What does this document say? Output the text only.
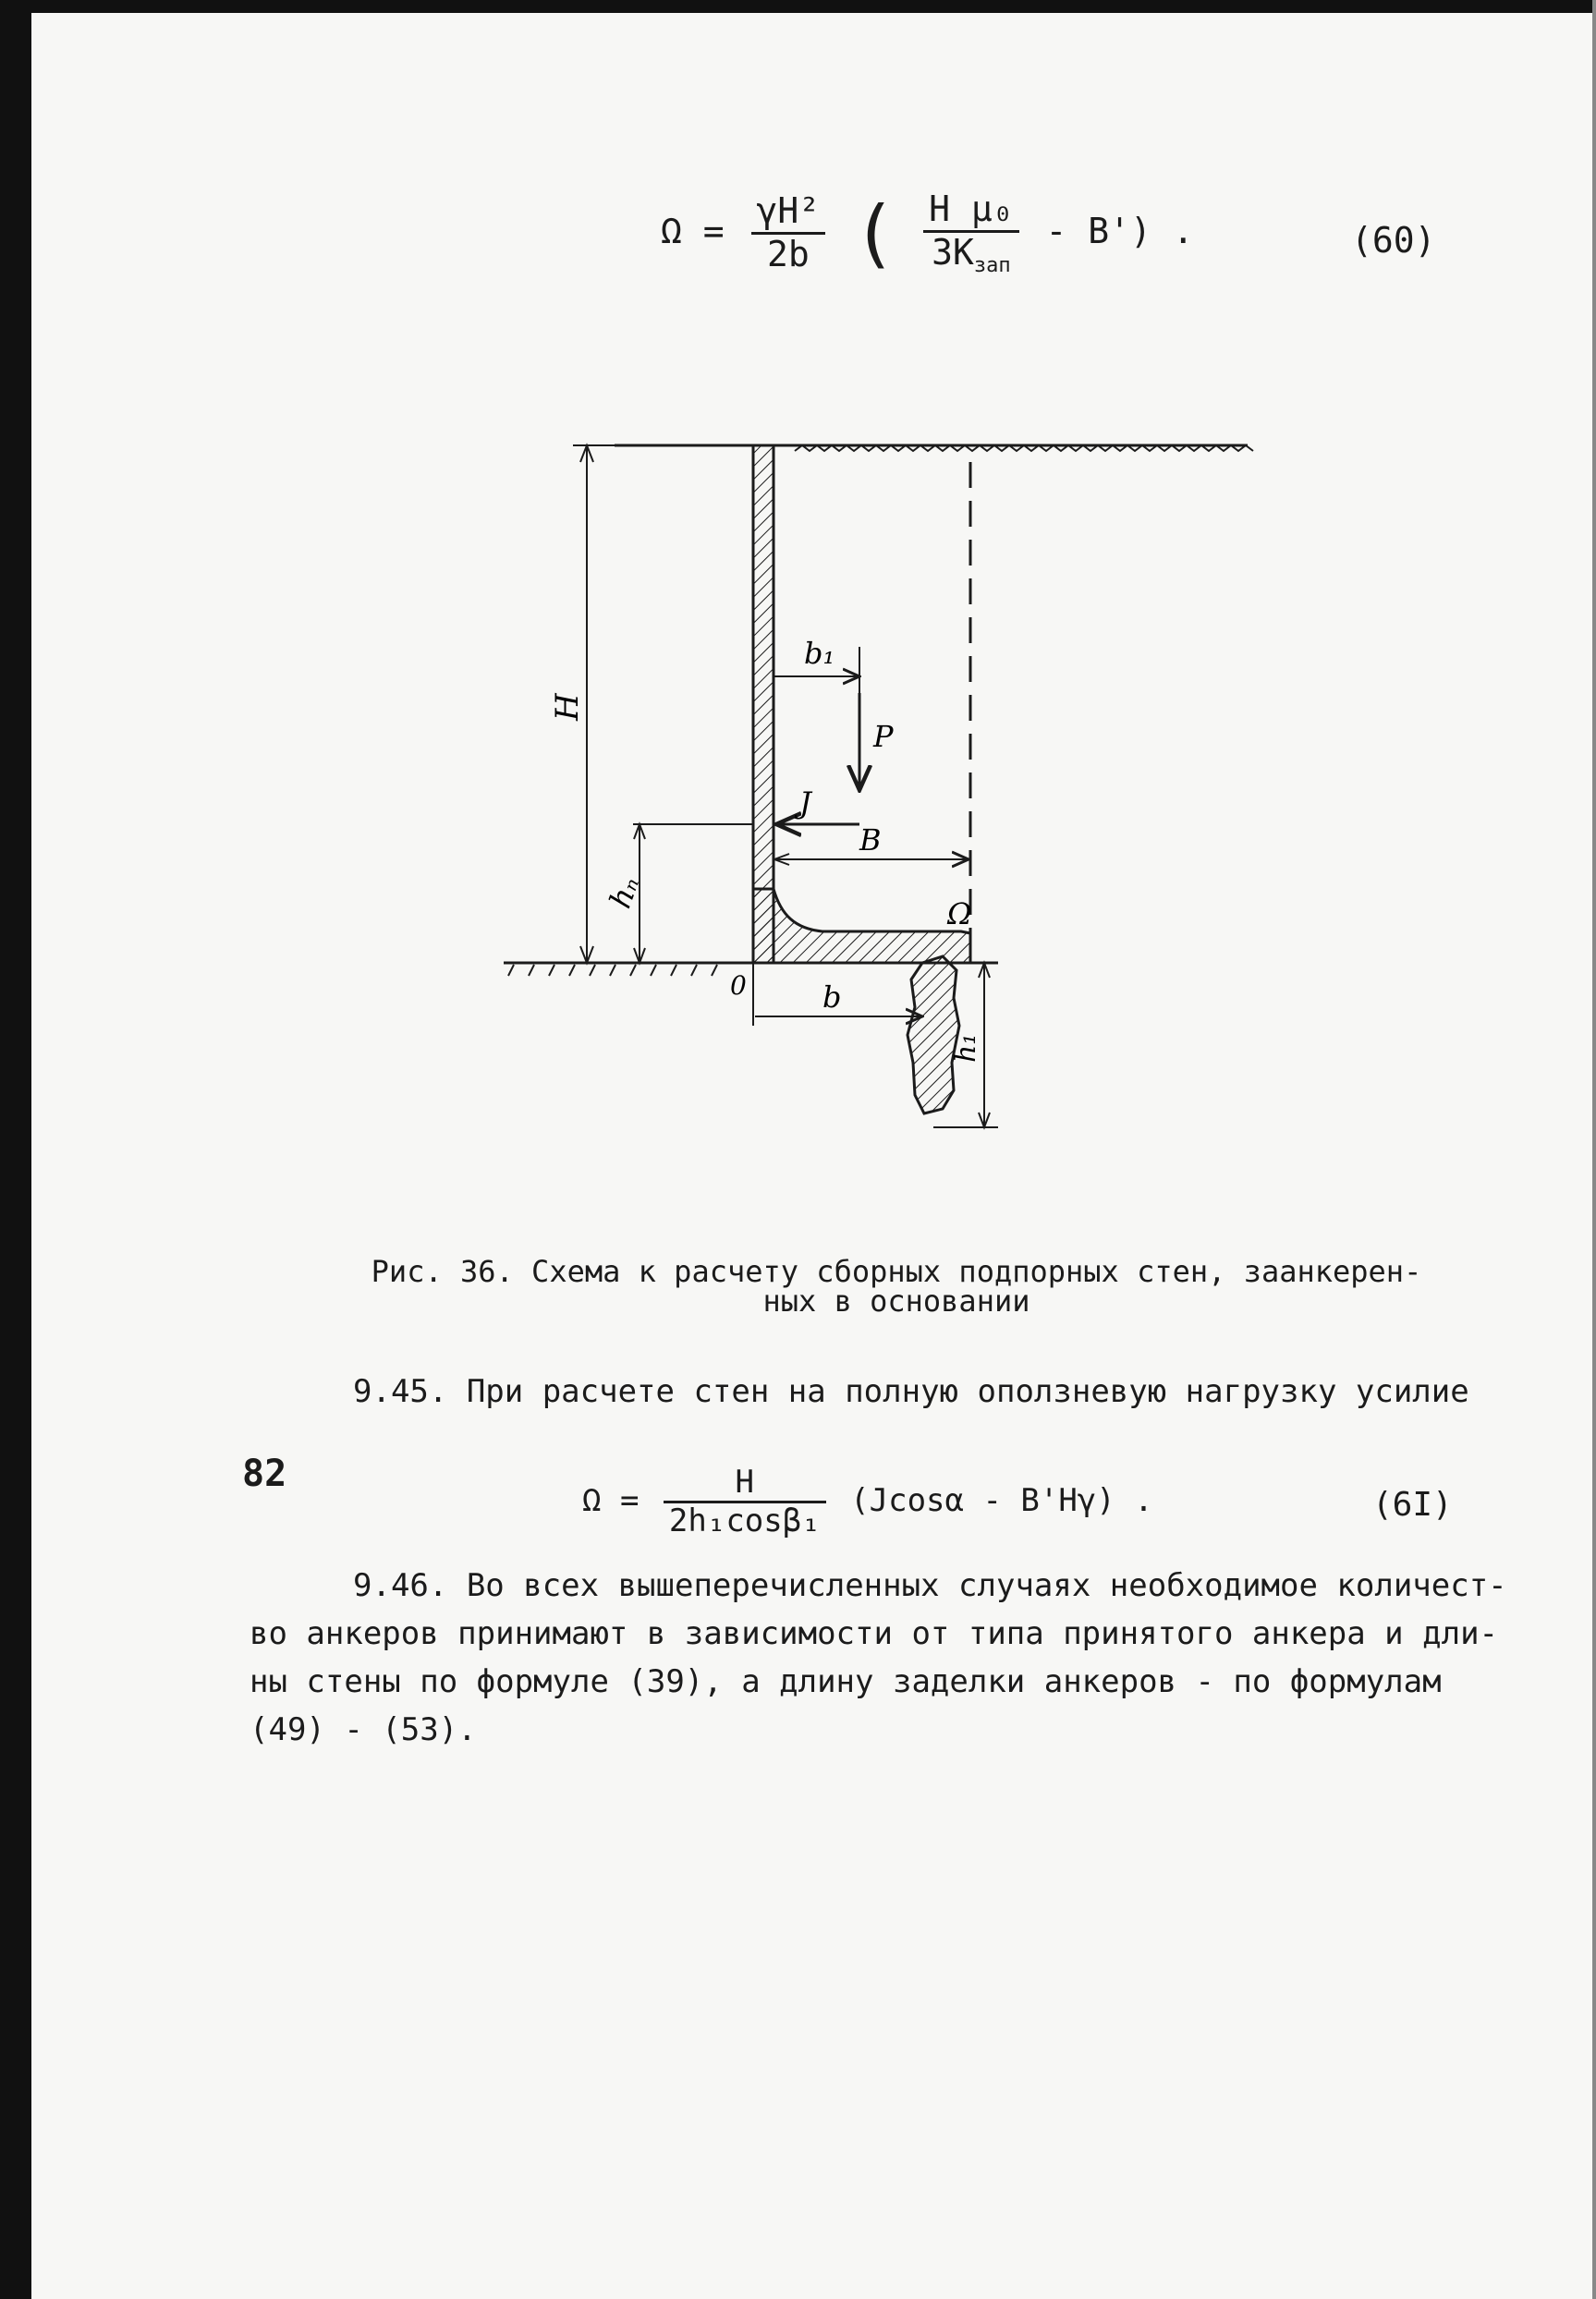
$\Omega = \frac{\text{γH²}}{2b}$ ( $\frac{\text{H μ₀}}{3K_{зап}} - B'$) .	(60)
H
hₙ
b₁
P
J
B
Ω
0	b
h₁
Рис. 36. Схема к расчету сборных подпорных стен, заанкерен-
ных в основании
9.45. При расчете стен на полную оползневую нагрузку усилие
$\Omega = \frac{H}{\text{2h₁cosβ₁}} (Jcos\alpha - B'H\gamma)$ .	(6I)
9.46. Во всех вышеперечисленных случаях необходимое количест-
во анкеров принимают в зависимости от типа принятого анкера и дли-
ны стены по формуле (39), а длину заделки анкеров - по формулам
(49) - (53).
82
